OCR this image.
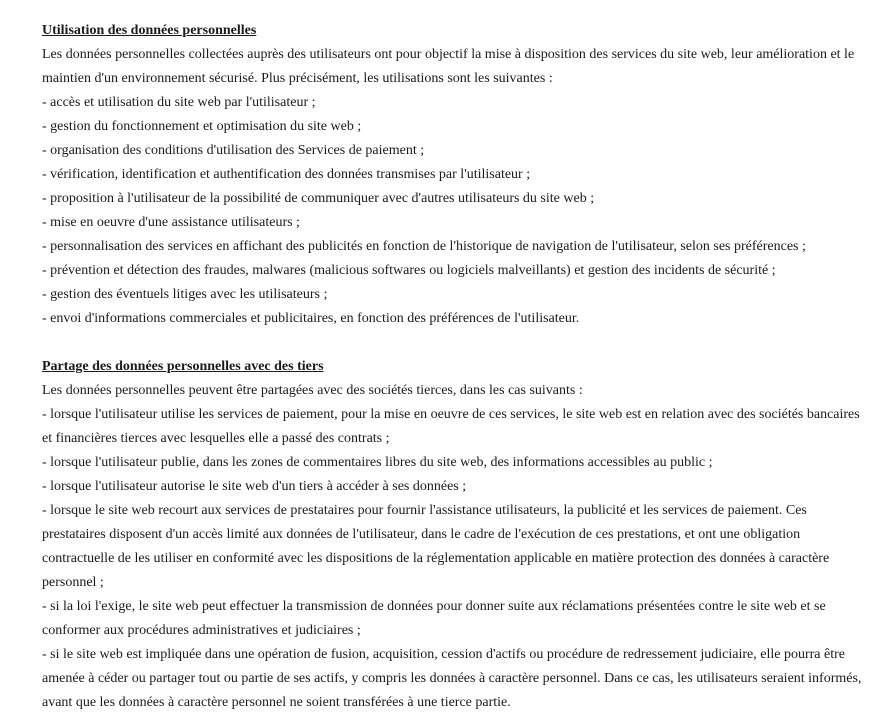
Utilisation des données personnelles

Les données personnelles collectées auprès des utilisateurs ont pour objectif la mise à disposition des services du site web, leur amélioration et le maintien d'un environnement sécurisé. Plus précisément, les utilisations sont les suivantes :

- accès et utilisation du site web par l'utilisateur ;
- gestion du fonctionnement et optimisation du site web ;
- organisation des conditions d'utilisation des Services de paiement ;
- vérification, identification et authentification des données transmises par l'utilisateur ;
- proposition à l'utilisateur de la possibilité de communiquer avec d'autres utilisateurs du site web ;
- mise en oeuvre d'une assistance utilisateurs ;
- personnalisation des services en affichant des publicités en fonction de l'historique de navigation de l'utilisateur, selon ses préférences ;
- prévention et détection des fraudes, malwares (malicious softwares ou logiciels malveillants) et gestion des incidents de sécurité ;
- gestion des éventuels litiges avec les utilisateurs ;
- envoi d'informations commerciales et publicitaires, en fonction des préférences de l'utilisateur.

Partage des données personnelles avec des tiers

Les données personnelles peuvent être partagées avec des sociétés tierces, dans les cas suivants :

- lorsque l'utilisateur utilise les services de paiement, pour la mise en oeuvre de ces services, le site web est en relation avec des sociétés bancaires et financières tierces avec lesquelles elle a passé des contrats ;
- lorsque l'utilisateur publie, dans les zones de commentaires libres du site web, des informations accessibles au public ;
- lorsque l'utilisateur autorise le site web d'un tiers à accéder à ses données ;
- lorsque le site web recourt aux services de prestataires pour fournir l'assistance utilisateurs, la publicité et les services de paiement. Ces prestataires disposent d'un accès limité aux données de l'utilisateur, dans le cadre de l'exécution de ces prestations, et ont une obligation contractuelle de les utiliser en conformité avec les dispositions de la réglementation applicable en matière protection des données à caractère personnel ;
- si la loi l'exige, le site web peut effectuer la transmission de données pour donner suite aux réclamations présentées contre le site web et se conformer aux procédures administratives et judiciaires ;
- si le site web est impliquée dans une opération de fusion, acquisition, cession d'actifs ou procédure de redressement judiciaire, elle pourra être amenée à céder ou partager tout ou partie de ses actifs, y compris les données à caractère personnel. Dans ce cas, les utilisateurs seraient informés, avant que les données à caractère personnel ne soient transférées à une tierce partie.
